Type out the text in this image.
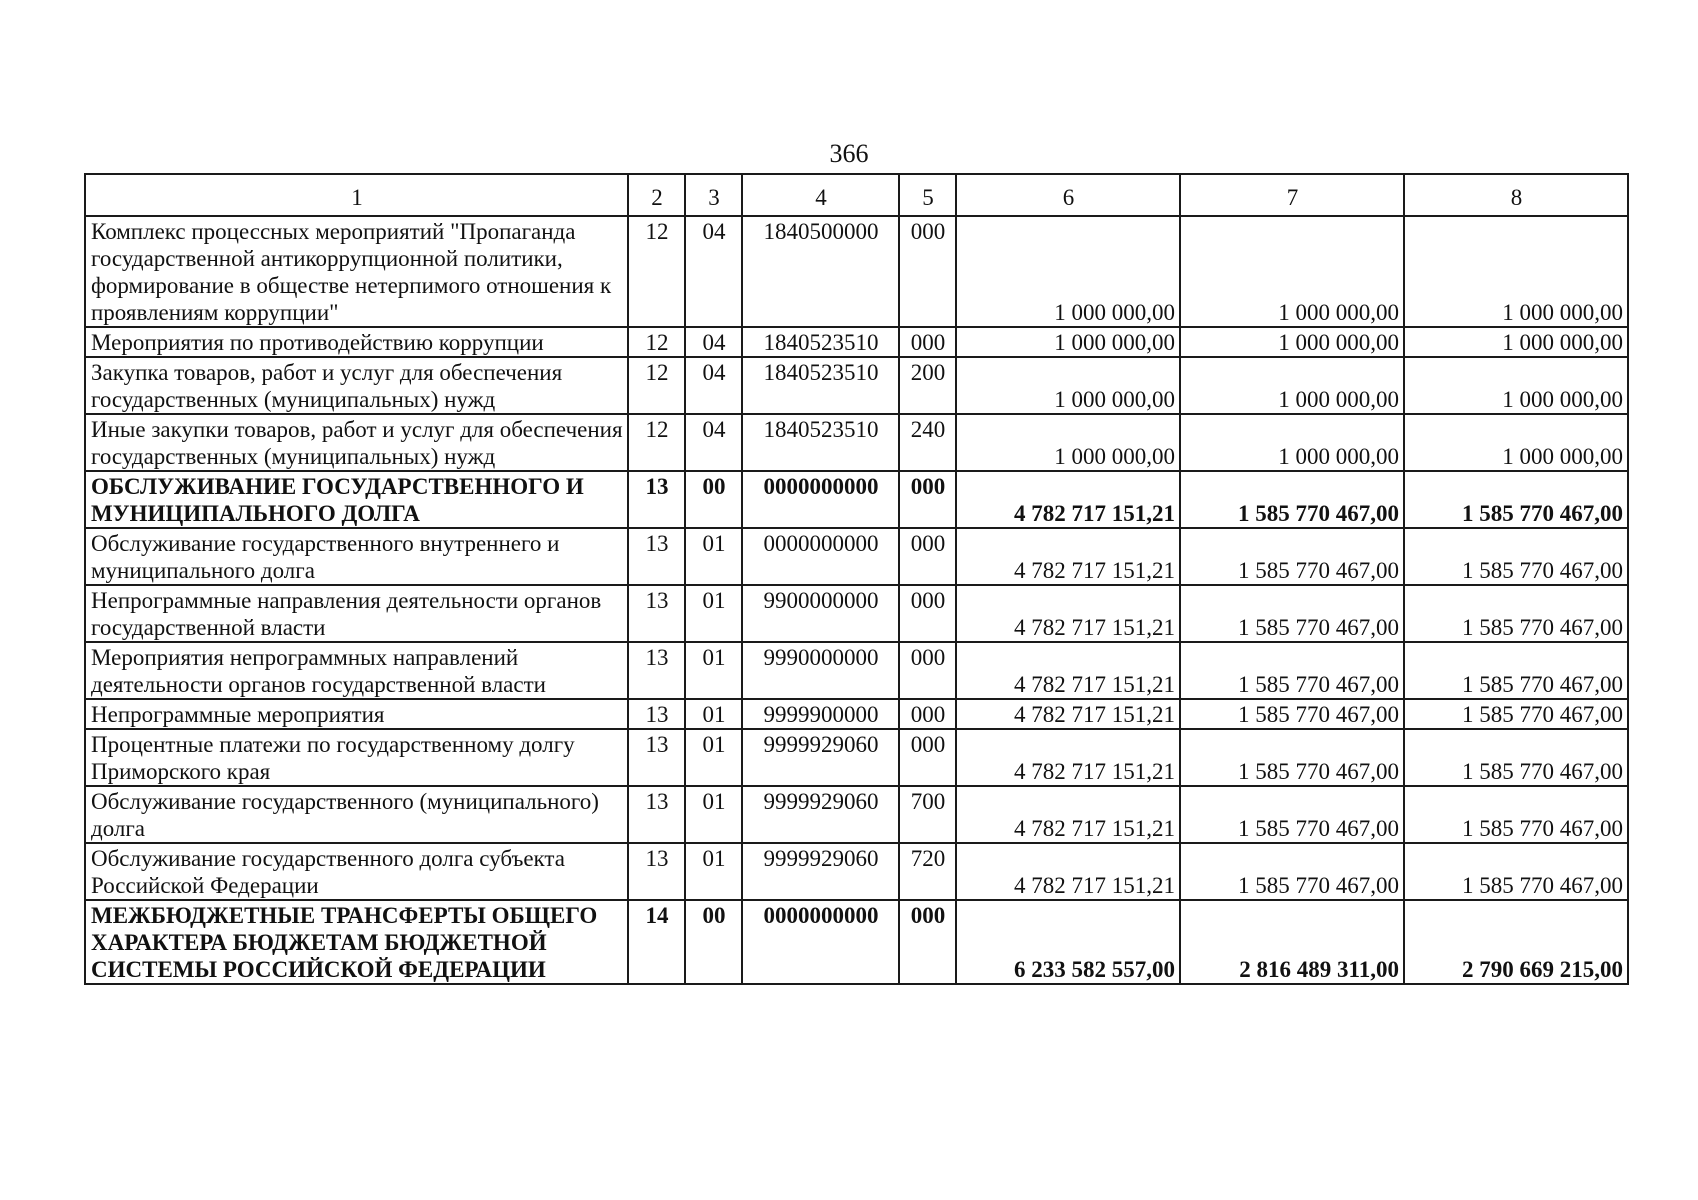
366
1	2	3	4	5	6	7	8
Комплекс процессных мероприятий "Пропаганда государственной антикоррупционной политики, формирование в обществе нетерпимого отношения к проявлениям коррупции"	12	04	1840500000	000	1 000 000,00	1 000 000,00	1 000 000,00
Мероприятия по противодействию коррупции	12	04	1840523510	000	1 000 000,00	1 000 000,00	1 000 000,00
Закупка товаров, работ и услуг для обеспечения государственных (муниципальных) нужд	12	04	1840523510	200	1 000 000,00	1 000 000,00	1 000 000,00
Иные закупки товаров, работ и услуг для обеспечения государственных (муниципальных) нужд	12	04	1840523510	240	1 000 000,00	1 000 000,00	1 000 000,00
ОБСЛУЖИВАНИЕ ГОСУДАРСТВЕННОГО И МУНИЦИПАЛЬНОГО ДОЛГА	13	00	0000000000	000	4 782 717 151,21	1 585 770 467,00	1 585 770 467,00
Обслуживание государственного внутреннего и муниципального долга	13	01	0000000000	000	4 782 717 151,21	1 585 770 467,00	1 585 770 467,00
Непрограммные направления деятельности органов государственной власти	13	01	9900000000	000	4 782 717 151,21	1 585 770 467,00	1 585 770 467,00
Мероприятия непрограммных направлений деятельности органов государственной власти	13	01	9990000000	000	4 782 717 151,21	1 585 770 467,00	1 585 770 467,00
Непрограммные мероприятия	13	01	9999900000	000	4 782 717 151,21	1 585 770 467,00	1 585 770 467,00
Процентные платежи по государственному долгу Приморского края	13	01	9999929060	000	4 782 717 151,21	1 585 770 467,00	1 585 770 467,00
Обслуживание государственного (муниципального) долга	13	01	9999929060	700	4 782 717 151,21	1 585 770 467,00	1 585 770 467,00
Обслуживание государственного долга субъекта Российской Федерации	13	01	9999929060	720	4 782 717 151,21	1 585 770 467,00	1 585 770 467,00
МЕЖБЮДЖЕТНЫЕ ТРАНСФЕРТЫ ОБЩЕГО ХАРАКТЕРА БЮДЖЕТАМ БЮДЖЕТНОЙ СИСТЕМЫ РОССИЙСКОЙ ФЕДЕРАЦИИ	14	00	0000000000	000	6 233 582 557,00	2 816 489 311,00	2 790 669 215,00
